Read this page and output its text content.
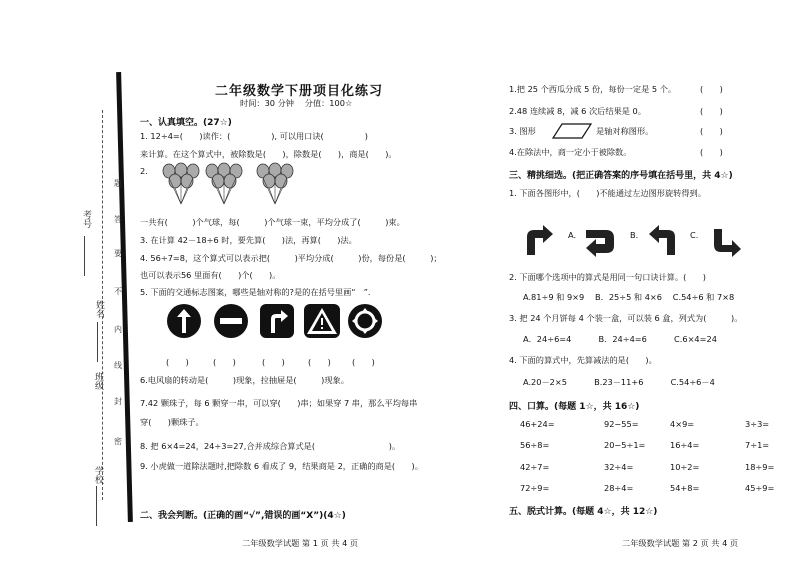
考号
姓名
班级
学校
题
答
要
不
内
线
封
密
二年级数学下册项目化练习
时间：30 分钟　 分值：100☆
一、认真填空。(27☆)
1. 12÷4=(　　)读作：(　　　　　), 可以用口诀(　　　　　)
来计算。在这个算式中，被除数是(　　)，除数是(　　)，商是(　　)。
2.
一共有(　　　)个气球，每(　　　)个气球一束，平均分成了(　　　)束。
3. 在计算 42－18÷6 时，要先算(　　)法，再算(　　)法。
4. 56÷7=8，这个算式可以表示把(　　　)平均分成(　　　)份，每份是(　　　)；
也可以表示56 里面有(　　)个(　　)。
5. 下面的交通标志图案，哪些是轴对称的?是的在括号里画“　”.
(　　)	(　　)	(　　)	(　　)	(　　)
6.电风扇的转动是(　　　)现象，拉抽屉是(　　　)现象。
7.42 颗珠子，每 6 颗穿一串，可以穿(　　)串；如果穿 7 串，那么平均每串
穿(　　)颗珠子。
8. 把 6×4=24，24÷3=27,合并成综合算式是(　　　　　　　　　)。
9. 小虎做一道除法题时,把除数 6 看成了 9，结果商是 2，正确的商是(　　)。
二、我会判断。(正确的画“√”,错误的画“X”)(4☆)
二年级数学试题 第 1 页 共 4 页
1.把 25 个西瓜分成 5 份，每份一定是 5 个。	(　　)
2.48 连续减 8，减 6 次后结果是 0。	(　　)
3. 图形	是轴对称图形。	(　　)
4.在除法中，商一定小于被除数。	(　　)
三、精挑细选。(把正确答案的序号填在括号里，共 4☆)
1. 下面各图形中，(　　)不能通过左边图形旋转得到。
A.	B.	C.
2. 下面哪个选项中的算式是用同一句口诀计算。(　　)
A.81÷9 和 9×9　 B．25÷5 和 4×6　 C.54÷6 和 7×8
3. 把 24 个月饼每 4 个装一盒，可以装 6 盒，列式为(　　　)。
A．24÷6=4　　　 B．24÷4=6　　　 C.6×4=24
4. 下面的算式中，先算减法的是(　　)。
A.20－2×5　　　 B.23－11+6　　　 C.54÷6－4
四、口算。(每题 1☆，共 16☆)
46+24=	92−55=	4×9=	3÷3=
56÷8=	20−5÷1=	16÷4=	7÷1=
42÷7=	32÷4=	10÷2=	18÷9=
72÷9=	28÷4=	54+8=	45÷9=
五、脱式计算。(每题 4☆，共 12☆)
二年级数学试题 第 2 页 共 4 页
